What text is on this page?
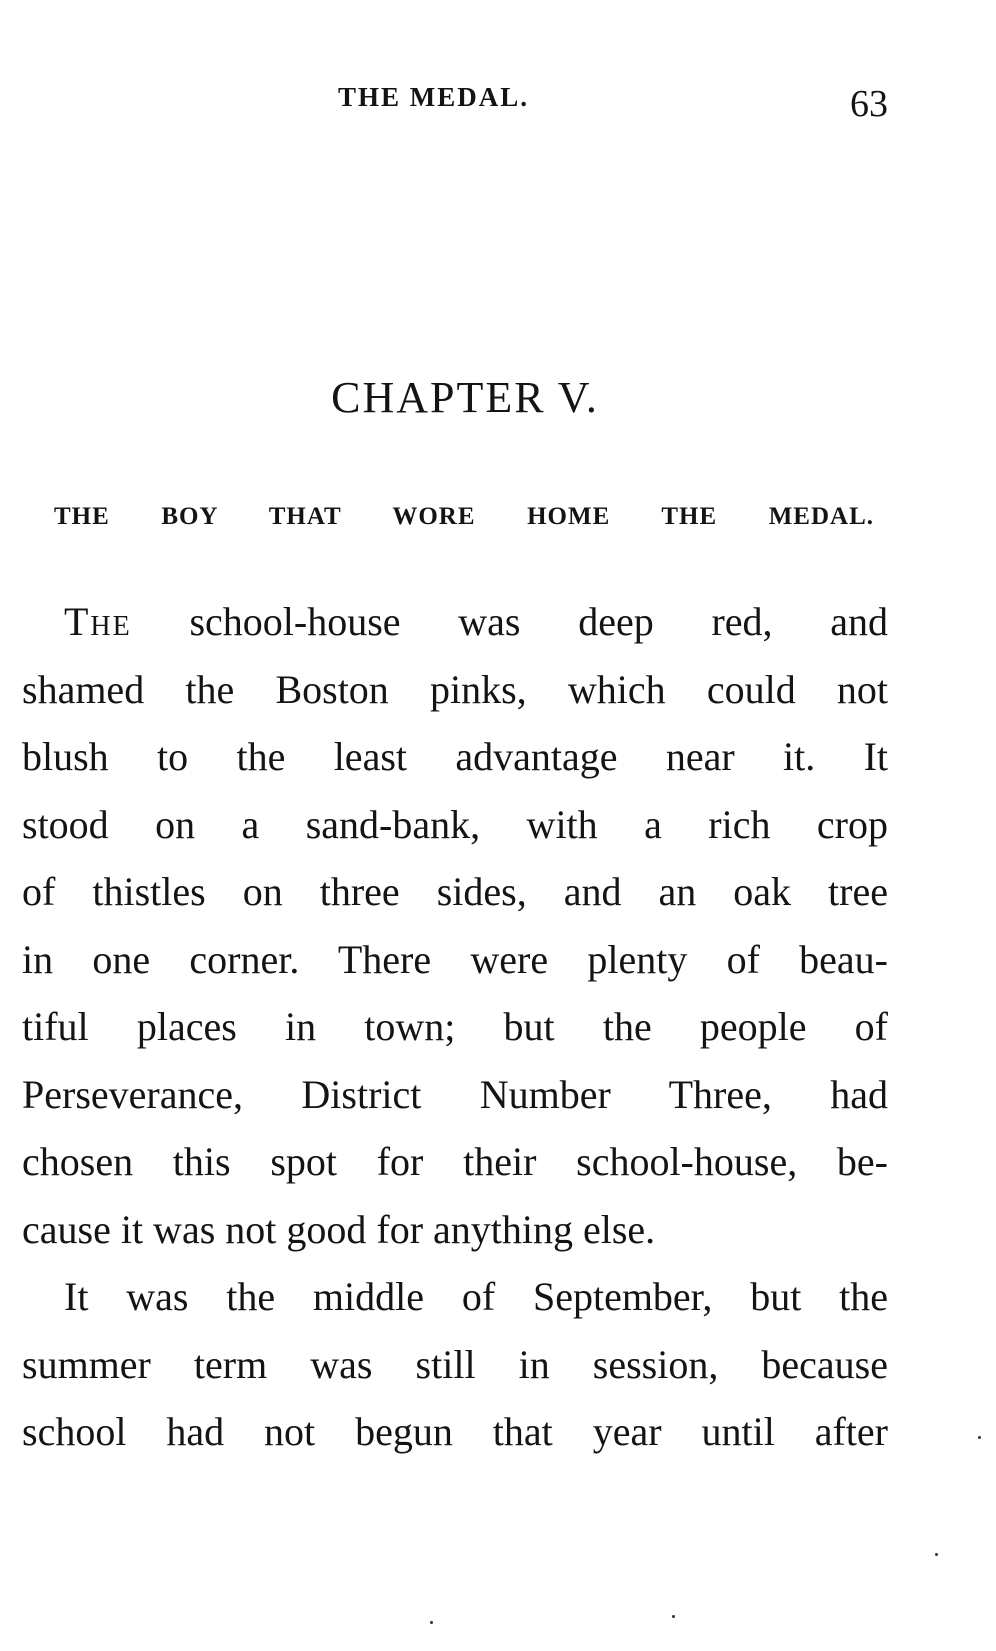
THE MEDAL.	63
CHAPTER V.
THE BOY THAT WORE HOME THE MEDAL.
The school-house was deep red, and
shamed the Boston pinks, which could not
blush to the least advantage near it. It
stood on a sand-bank, with a rich crop
of thistles on three sides, and an oak tree
in one corner. There were plenty of beau-
tiful places in town; but the people of
Perseverance, District Number Three, had
chosen this spot for their school-house, be-
cause it was not good for anything else.
It was the middle of September, but the
summer term was still in session, because
school had not begun that year until after
